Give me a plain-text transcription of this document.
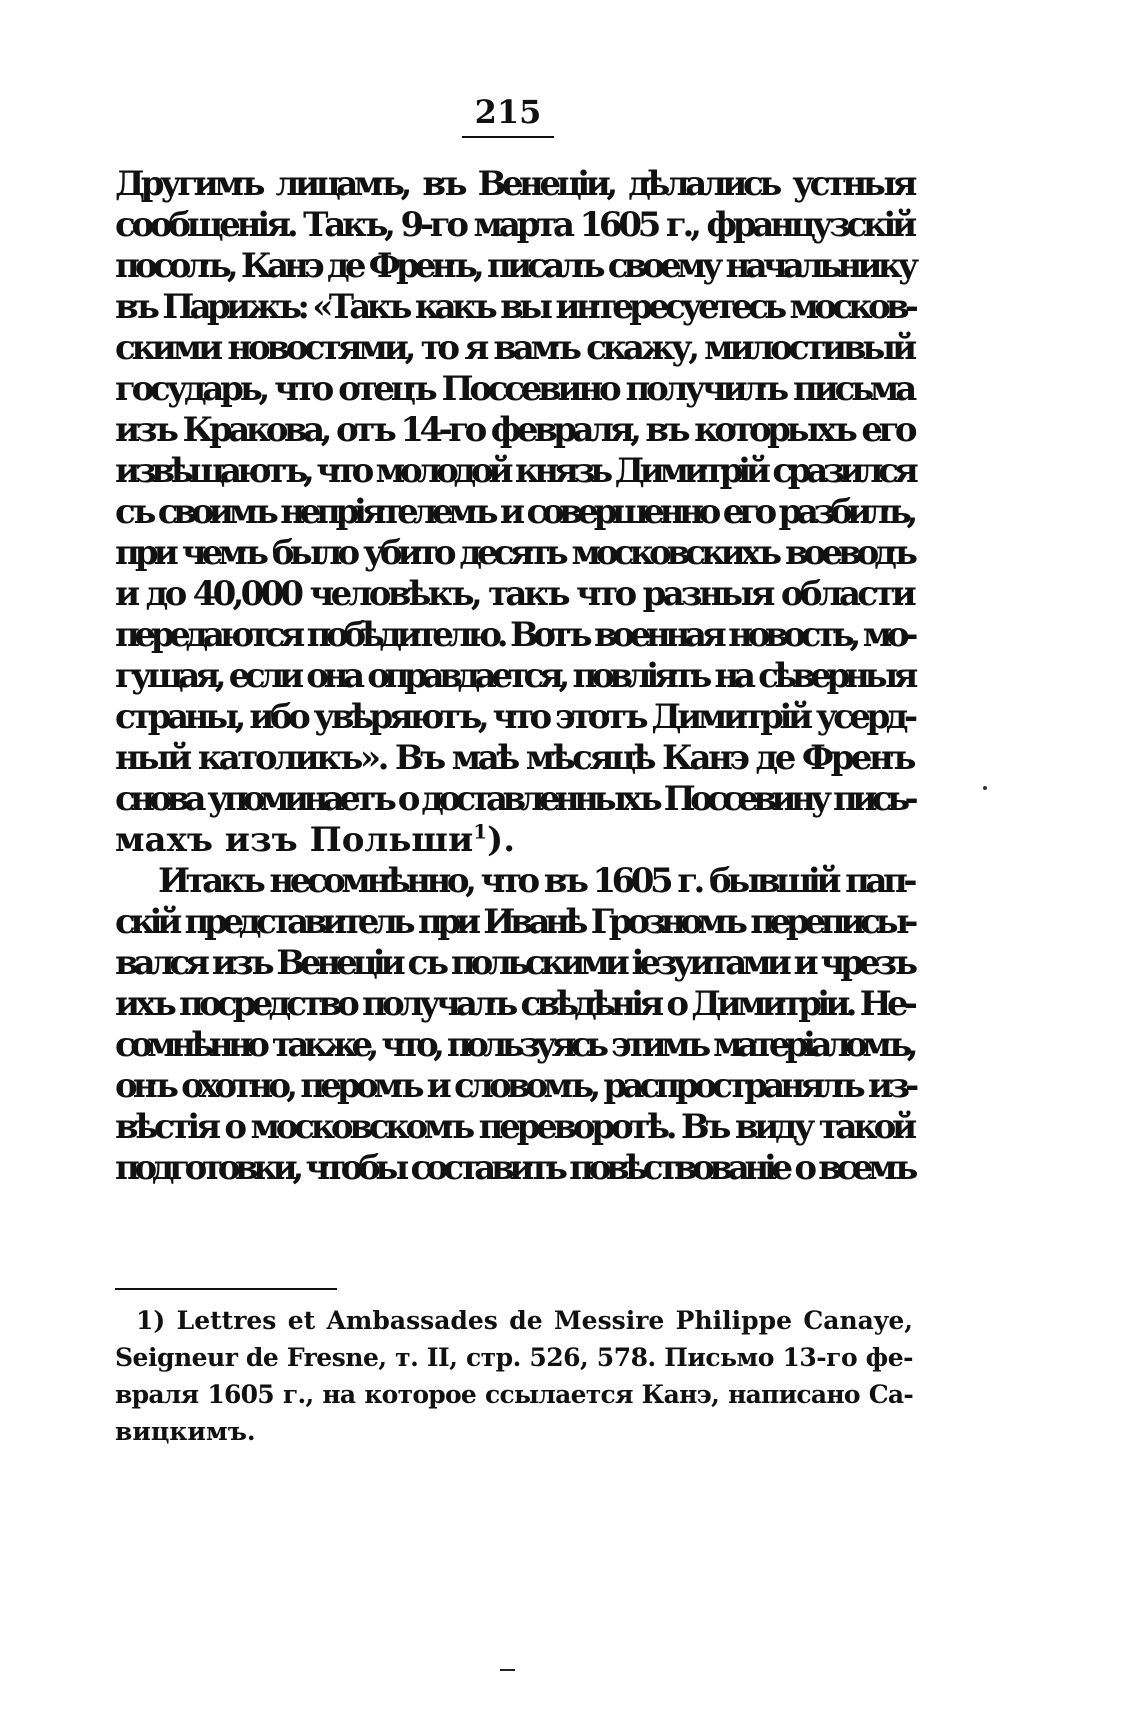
215

Другимъ лицамъ, въ Венеціи, дѣлались устныя

сообщенія. Такъ, 9-го марта 1605 г., французскій

посолъ, Канэ де Френъ, писалъ своему начальнику

въ Парижъ: «Такъ какъ вы интересуетесь москов-

скими новостями, то я вамъ скажу, милостивый

государь, что отецъ Поссевино получилъ письма

изъ Кракова, отъ 14-го февраля, въ которыхъ его

извѣщаютъ, что молодой князь Димитрій сразился

съ своимъ непріятелемъ и совершенно его разбилъ,

при чемъ было убито десять московскихъ воеводъ

и до 40,000 человѣкъ, такъ что разныя области

передаются побѣдителю. Вотъ военная новость, мо-

гущая, если она оправдается, повліять на сѣверныя

страны, ибо увѣряютъ, что этотъ Димитрій усерд-

ный католикъ». Въ маѣ мѣсяцѣ Канэ де Френъ

снова упоминаетъ о доставленныхъ Поссевину пись-

махъ изъ Польши$^1$).

Итакъ несомнѣнно, что въ 1605 г. бывшій пап-

скій представитель при Иванѣ Грозномъ переписы-

вался изъ Венеціи съ польскими іезуитами и чрезъ

ихъ посредство получалъ свѣдѣнія о Димитріи. Не-

сомнѣнно также, что, пользуясь этимъ матеріаломъ,

онъ охотно, перомъ и словомъ, распространялъ из-

вѣстія о московскомъ переворотѣ. Въ виду такой

подготовки, чтобы составить повѣствованіе о всемъ

1) Lettres et Ambassades de Messire Philippe Canaye,

Seigneur de Fresne, т. II, стр. 526, 578. Письмо 13-го фе-

враля 1605 г., на которое ссылается Канэ, написано Са-

вицкимъ.
